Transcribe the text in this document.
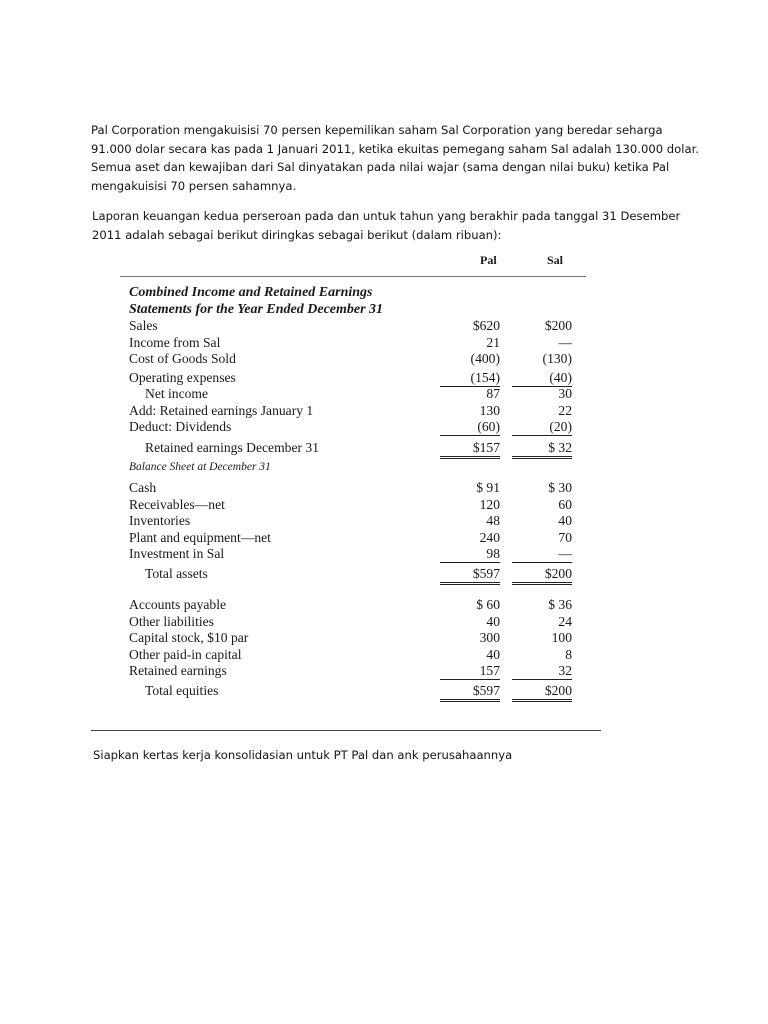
Pal Corporation mengakuisisi 70 persen kepemilikan saham Sal Corporation yang beredar seharga

91.000 dolar secara kas pada 1 Januari 2011, ketika ekuitas pemegang saham Sal adalah 130.000 dolar.

Semua aset dan kewajiban dari Sal dinyatakan pada nilai wajar (sama dengan nilai buku) ketika Pal

mengakuisisi 70 persen sahamnya.

Laporan keuangan kedua perseroan pada dan untuk tahun yang berakhir pada tanggal 31 Desember

2011 adalah sebagai berikut diringkas sebagai berikut (dalam ribuan):

Pal	Sal
Combined Income and Retained Earnings
Statements for the Year Ended December 31
Sales	$620	$200
Income from Sal	21	—
Cost of Goods Sold	(400)	(130)
Operating expenses	(154)	(40)
Net income	87	30
Add: Retained earnings January 1	130	22
Deduct: Dividends	(60)	(20)
Retained earnings December 31	$157	$ 32
Balance Sheet at December 31
Cash	$ 91	$ 30
Receivables—net	120	60
Inventories	48	40
Plant and equipment—net	240	70
Investment in Sal	98	—
Total assets	$597	$200
Accounts payable	$ 60	$ 36
Other liabilities	40	24
Capital stock, $10 par	300	100
Other paid-in capital	40	8
Retained earnings	157	32
Total equities	$597	$200

Siapkan kertas kerja konsolidasian untuk PT Pal dan ank perusahaannya
